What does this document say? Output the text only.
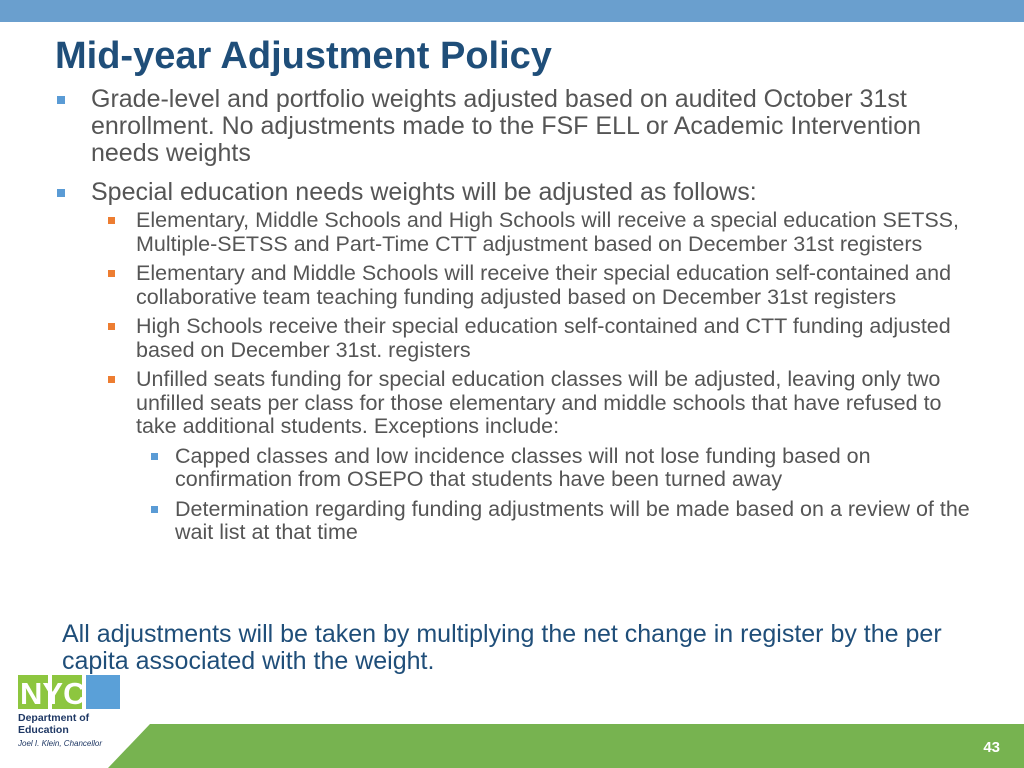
Mid-year Adjustment Policy
Grade-level and portfolio weights adjusted based on audited October 31st enrollment. No adjustments made to the FSF ELL or Academic Intervention needs weights
Special education needs weights will be adjusted as follows:
Elementary, Middle Schools and High Schools will receive a special education SETSS, Multiple-SETSS and Part-Time CTT adjustment based on December 31st registers
Elementary and Middle Schools will receive their special education self-contained and collaborative team teaching funding adjusted based on December 31st registers
High Schools receive their special education self-contained and CTT funding adjusted based on December 31st. registers
Unfilled seats funding for special education classes will be adjusted, leaving only two unfilled seats per class for those elementary and middle schools that have refused to take additional students. Exceptions include:
Capped classes and low incidence classes will not lose funding based on confirmation from OSEPO that students have been turned away
Determination regarding funding adjustments will be made based on a review of the wait list at that time
All adjustments will be taken by multiplying the net change in register by the per capita associated with the weight.
NYC
Department of
Education
Joel I. Klein, Chancellor	43
